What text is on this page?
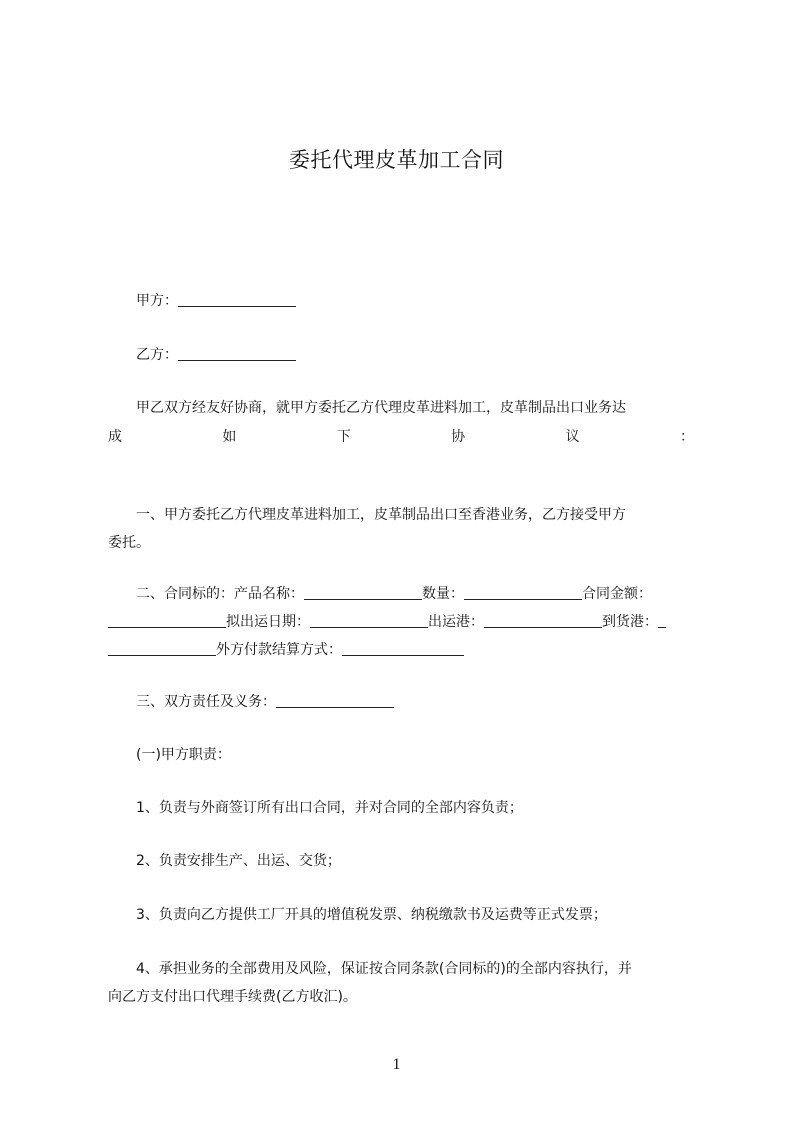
委托代理皮革加工合同
甲方：
乙方：
甲乙双方经友好协商，就甲方委托乙方代理皮革进料加工，皮革制品出口业务达
成	如	下	协	议	：
一、甲方委托乙方代理皮革进料加工，皮革制品出口至香港业务，乙方接受甲方
委托。
二、合同标的：产品名称：	数量：	合同金额：
拟出运日期：	出运港：	到货港：
外方付款结算方式：
三、双方责任及义务：
(一)甲方职责：
1、负责与外商签订所有出口合同，并对合同的全部内容负责；
2、负责安排生产、出运、交货；
3、负责向乙方提供工厂开具的增值税发票、纳税缴款书及运费等正式发票；
4、承担业务的全部费用及风险，保证按合同条款(合同标的)的全部内容执行，并
向乙方支付出口代理手续费(乙方收汇)。
1
